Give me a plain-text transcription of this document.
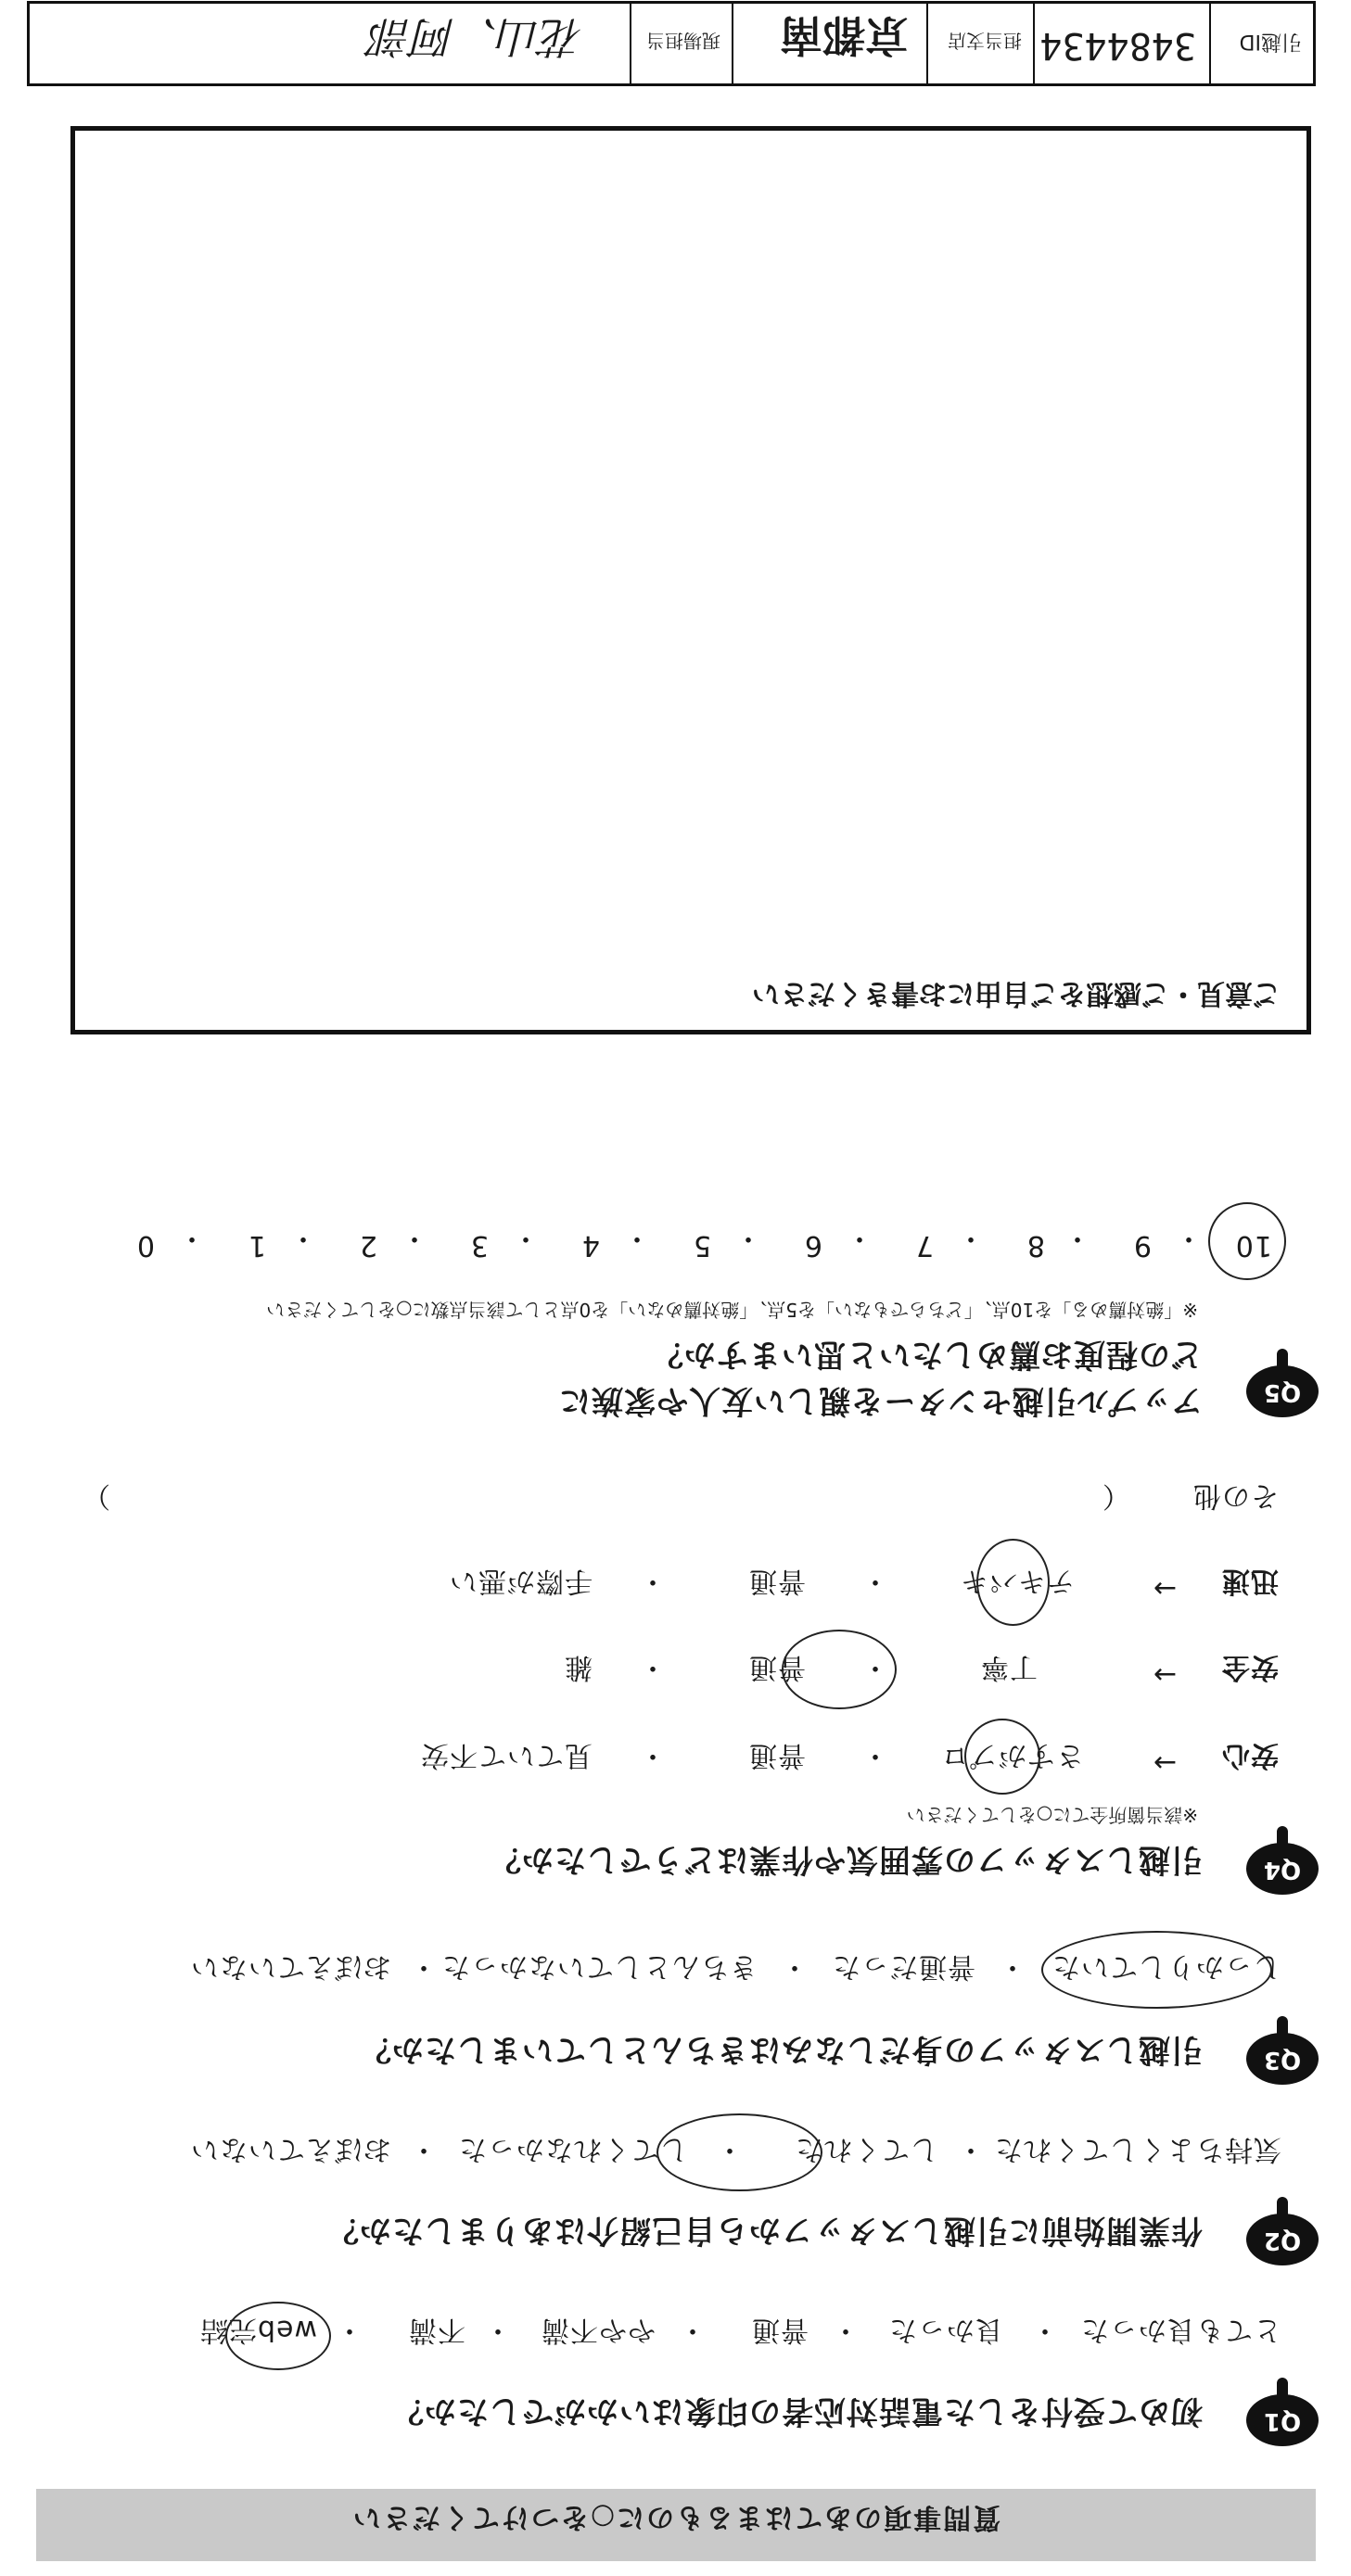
質問事項のあてはまるものに○をつけてください
Q1
初めて受付をした電話対応者の印象はいかがでしたか？
とても良かった
・
良かった
・
普通
・
やや不満
・
不満
・
web完結
Q2
作業開始前に引越しスタッフから自己紹介はありましたか？
気持ちよくしてくれた
・
してくれた
・
してくれなかった
・
おぼえていない
Q3
引越しスタッフの身だしなみはきちんとしていましたか？
しっかりしていた
・
普通だった
・
きちんとしていなかった
・
おぼえていない
Q4
引越しスタッフの雰囲気や作業はどうでしたか？
※該当箇所全てに○をしてください
安心
→
さすがプロ
・
普通
・
見ていて不安
安全
→
丁寧
・
普通
・
雑
迅速
→
テキパキ
・
普通
・
手際が悪い
その他
（
）
Q5
アップル引越センターを親しい友人や家族に
どの程度お薦めしたいと思いますか？
※「絶対薦める」を10点、「どちらでもない」を5点、「絶対薦めない」を0点として該当点数に○をしてください
10
・
9
・
8
・
7
・
6
・
5
・
4
・
3
・
2
・
1
・
0
ご意見・ご感想をご自由にお書きください
引越ID
3484434
担当支店
京都南
現場担当
花山、阿部
